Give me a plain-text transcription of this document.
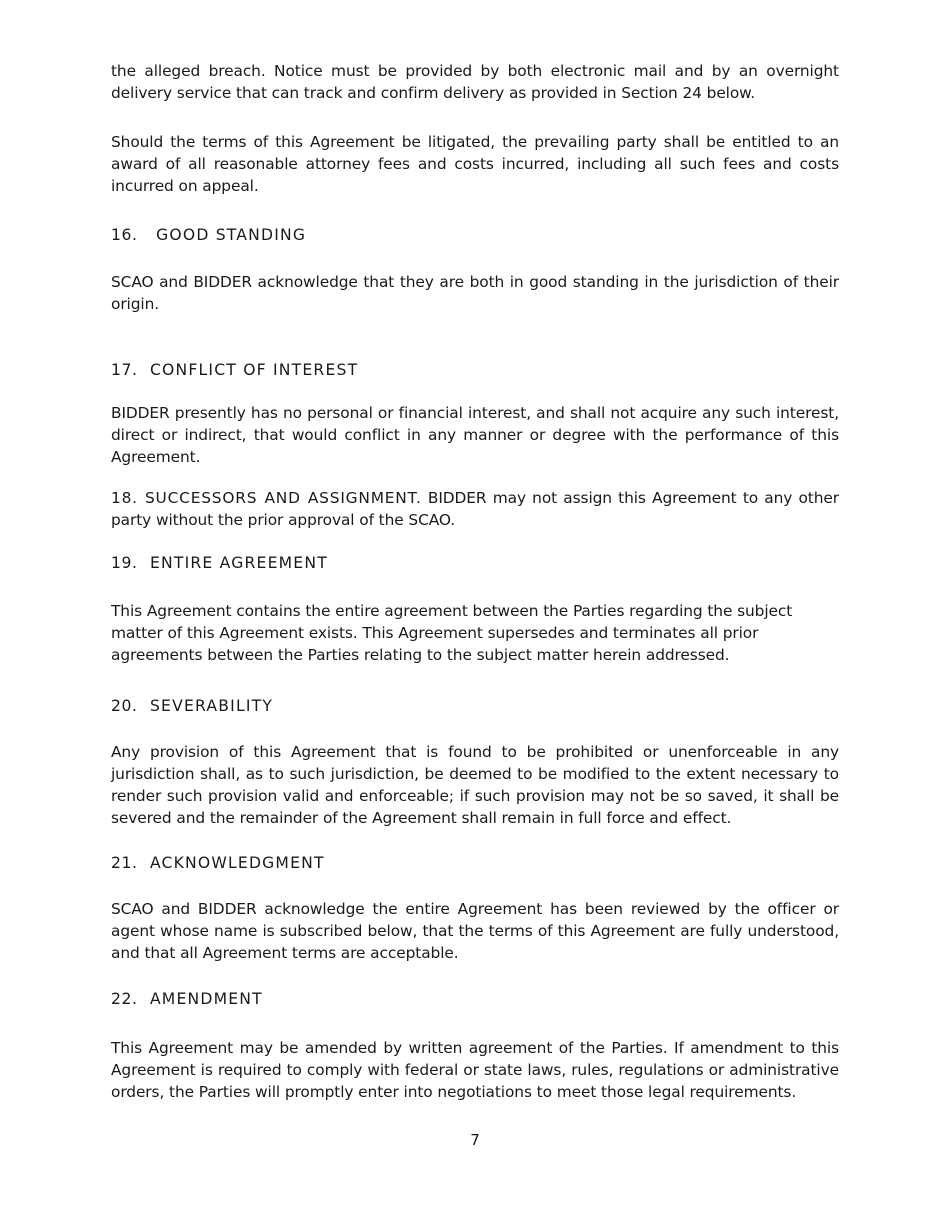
the alleged breach. Notice must be provided by both electronic mail and by an overnight delivery service that can track and confirm delivery as provided in Section 24 below.

Should the terms of this Agreement be litigated, the prevailing party shall be entitled to an award of all reasonable attorney fees and costs incurred, including all such fees and costs incurred on appeal.

16. GOOD STANDING

SCAO and BIDDER acknowledge that they are both in good standing in the jurisdiction of their origin.

17. CONFLICT OF INTEREST

BIDDER presently has no personal or financial interest, and shall not acquire any such interest, direct or indirect, that would conflict in any manner or degree with the performance of this Agreement.

18. SUCCESSORS AND ASSIGNMENT. BIDDER may not assign this Agreement to any other party without the prior approval of the SCAO.

19. ENTIRE AGREEMENT

This Agreement contains the entire agreement between the Parties regarding the subject matter of this Agreement exists. This Agreement supersedes and terminates all prior agreements between the Parties relating to the subject matter herein addressed.

20. SEVERABILITY

Any provision of this Agreement that is found to be prohibited or unenforceable in any jurisdiction shall, as to such jurisdiction, be deemed to be modified to the extent necessary to render such provision valid and enforceable; if such provision may not be so saved, it shall be severed and the remainder of the Agreement shall remain in full force and effect.

21. ACKNOWLEDGMENT

SCAO and BIDDER acknowledge the entire Agreement has been reviewed by the officer or agent whose name is subscribed below, that the terms of this Agreement are fully understood, and that all Agreement terms are acceptable.

22. AMENDMENT

This Agreement may be amended by written agreement of the Parties. If amendment to this Agreement is required to comply with federal or state laws, rules, regulations or administrative orders, the Parties will promptly enter into negotiations to meet those legal requirements.

7
